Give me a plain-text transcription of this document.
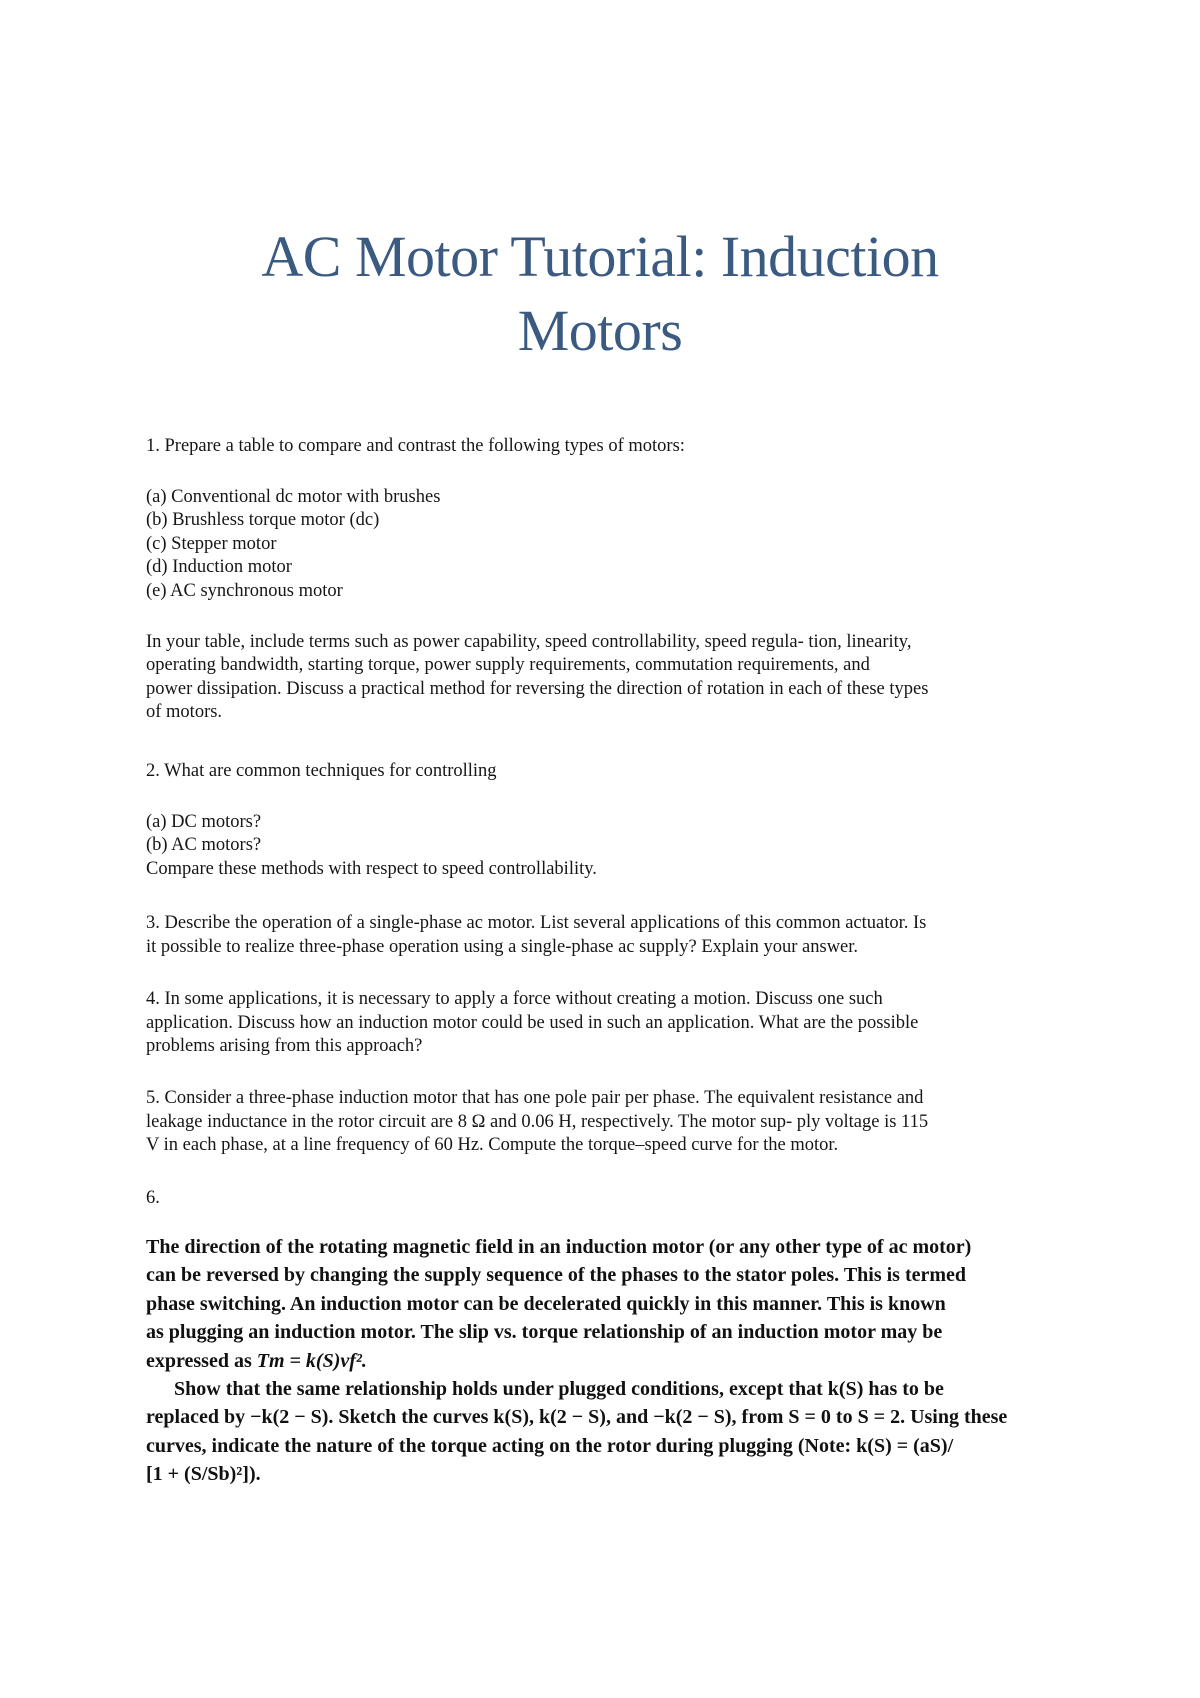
AC Motor Tutorial: Induction
Motors

1. Prepare a table to compare and contrast the following types of motors:

(a) Conventional dc motor with brushes

(b) Brushless torque motor (dc)

(c) Stepper motor

(d) Induction motor

(e) AC synchronous motor

In your table, include terms such as power capability, speed controllability, speed regula- tion, linearity,

operating bandwidth, starting torque, power supply requirements, commutation requirements, and

power dissipation. Discuss a practical method for reversing the direction of rotation in each of these types

of motors.

2. What are common techniques for controlling

(a) DC motors?

(b) AC motors?

Compare these methods with respect to speed controllability.

3. Describe the operation of a single-phase ac motor. List several applications of this common actuator. Is

it possible to realize three-phase operation using a single-phase ac supply? Explain your answer.

4. In some applications, it is necessary to apply a force without creating a motion. Discuss one such

application. Discuss how an induction motor could be used in such an application. What are the possible

problems arising from this approach?

5. Consider a three-phase induction motor that has one pole pair per phase. The equivalent resistance and

leakage inductance in the rotor circuit are 8 Ω and 0.06 H, respectively. The motor sup- ply voltage is 115

V in each phase, at a line frequency of 60 Hz. Compute the torque–speed curve for the motor.

6.

The direction of the rotating magnetic field in an induction motor (or any other type of ac motor)

can be reversed by changing the supply sequence of the phases to the stator poles. This is termed

phase switching. An induction motor can be decelerated quickly in this manner. This is known

as plugging an induction motor. The slip vs. torque relationship of an induction motor may be

expressed as Tm = k(S)vf².

Show that the same relationship holds under plugged conditions, except that k(S) has to be

replaced by −k(2 − S). Sketch the curves k(S), k(2 − S), and −k(2 − S), from S = 0 to S = 2. Using these

curves, indicate the nature of the torque acting on the rotor during plugging (Note: k(S) = (aS)/

[1 + (S/Sb)²]).
